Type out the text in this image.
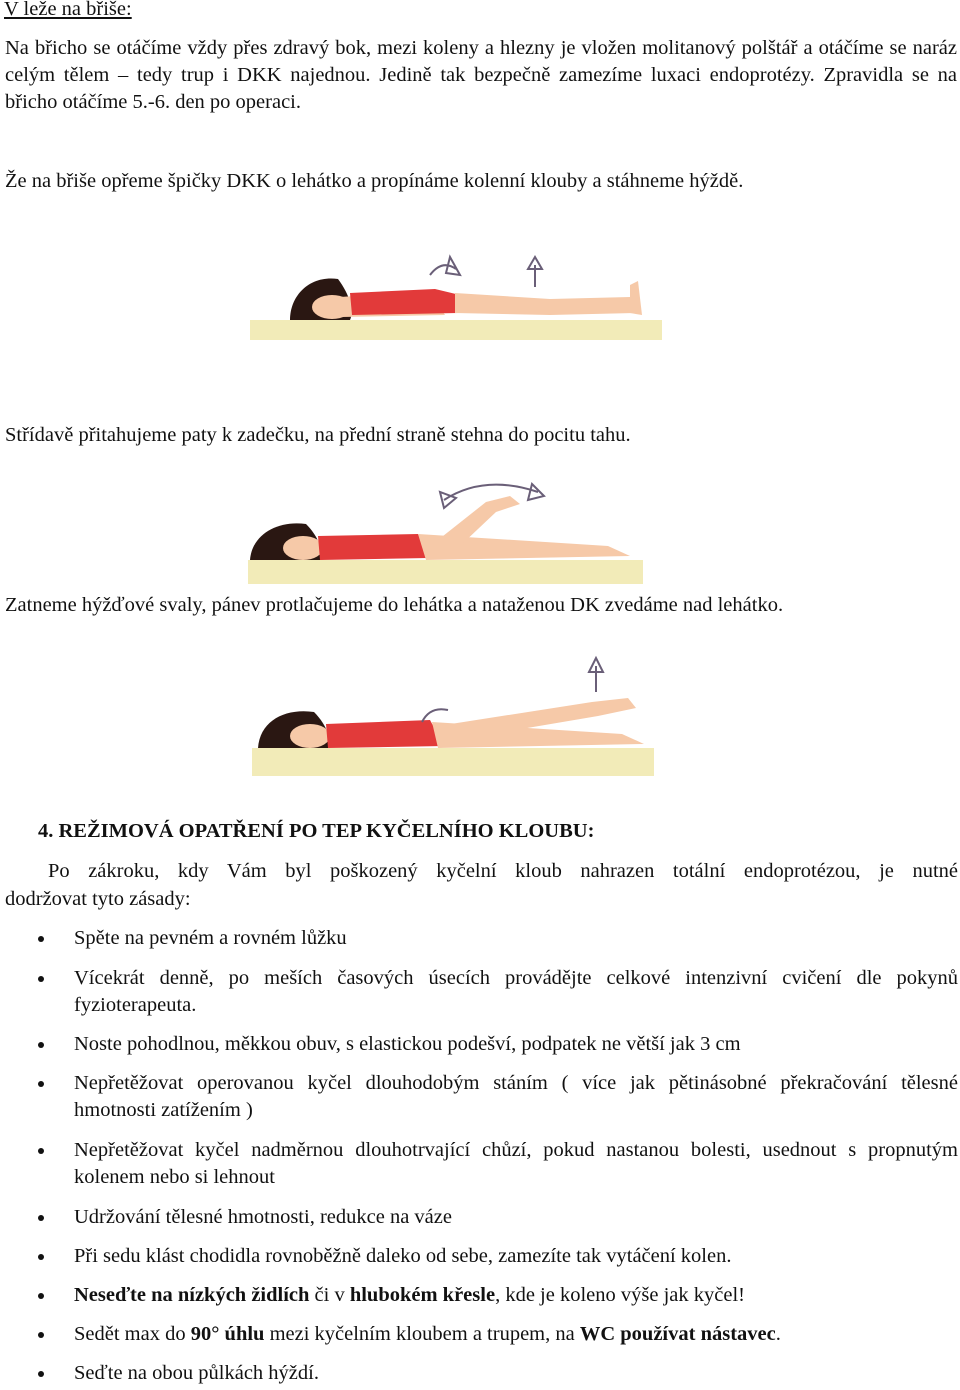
V leže na břiše:
Na břicho se otáčíme vždy přes zdravý bok, mezi koleny a hlezny je vložen molitanový polštář a otáčíme se naráz celým tělem – tedy trup i DKK najednou. Jedině tak bezpečně zamezíme luxaci endoprotézy. Zpravidla se na břicho otáčíme 5.-6. den po operaci.
Že na břiše opřeme špičky DKK o lehátko a propínáme kolenní klouby a stáhneme hýždě.
Střídavě přitahujeme paty k zadečku, na přední straně stehna do pocitu tahu.
Zatneme hýžďové svaly, pánev protlačujeme do lehátka a nataženou DK zvedáme nad lehátko.
4. REŽIMOVÁ OPATŘENÍ PO TEP KYČELNÍHO KLOUBU:
Po zákroku, kdy Vám byl poškozený kyčelní kloub nahrazen totální endoprotézou, je nutné
dodržovat tyto zásady:
Spěte na pevném a rovném lůžku
Vícekrát denně, po meších časových úsecích provádějte celkové intenzivní cvičení dle pokynů fyzioterapeuta.
Noste pohodlnou, měkkou obuv, s elastickou podešví, podpatek ne větší jak 3 cm
Nepřetěžovat operovanou kyčel dlouhodobým stáním ( více jak pětinásobné překračování tělesné hmotnosti zatížením )
Nepřetěžovat kyčel nadměrnou dlouhotrvající chůzí, pokud nastanou bolesti, usednout s propnutým kolenem nebo si lehnout
Udržování tělesné hmotnosti, redukce na váze
Při sedu klást chodidla rovnoběžně daleko od sebe, zamezíte tak vytáčení kolen.
Neseďte na nízkých židlích či v hlubokém křesle, kde je koleno výše jak kyčel!
Sedět max do 90° úhlu mezi kyčelním kloubem a trupem, na WC používat nástavec.
Seďte na obou půlkách hýždí.
